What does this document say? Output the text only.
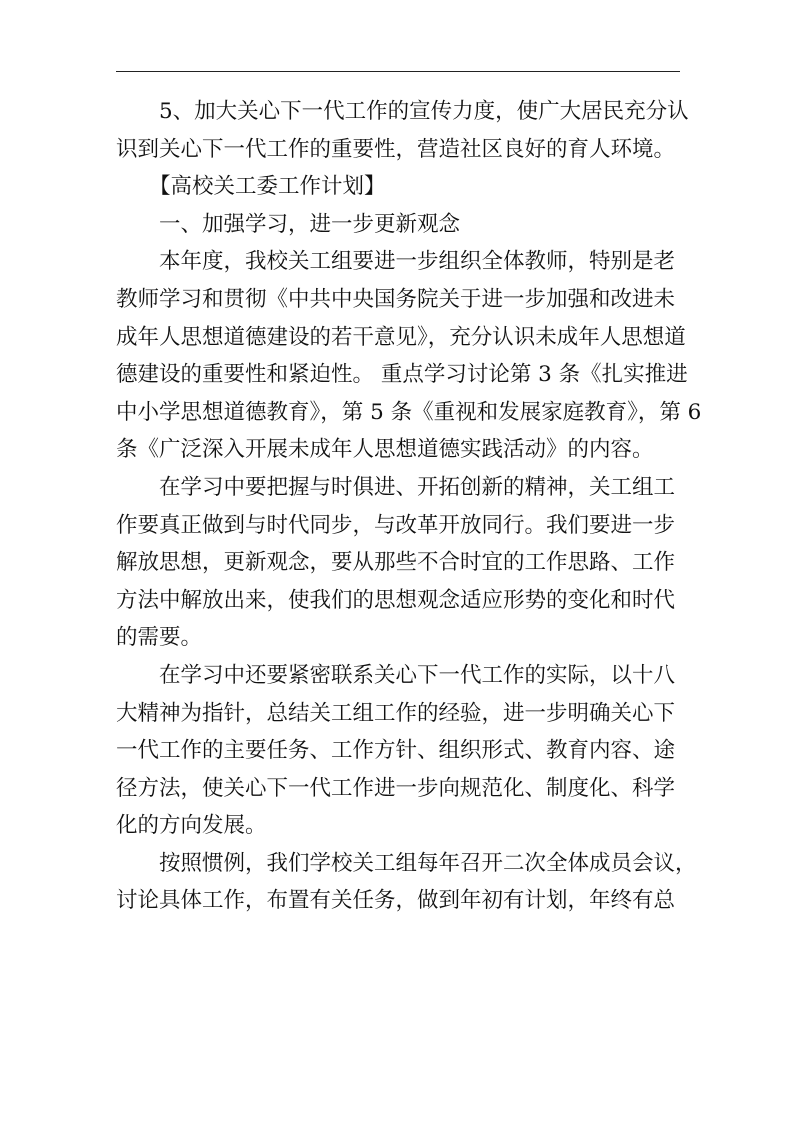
5、加大关心下一代工作的宣传力度，使广大居民充分认
识到关心下一代工作的重要性，营造社区良好的育人环境。
【高校关工委工作计划】
一、加强学习，进一步更新观念
本年度，我校关工组要进一步组织全体教师，特别是老
教师学习和贯彻《中共中央国务院关于进一步加强和改进未
成年人思想道德建设的若干意见》，充分认识未成年人思想道
德建设的重要性和紧迫性。 重点学习讨论第 3 条《扎实推进
中小学思想道德教育》，第 5 条《重视和发展家庭教育》，第 6
条《广泛深入开展未成年人思想道德实践活动》的内容。
在学习中要把握与时俱进、开拓创新的精神，关工组工
作要真正做到与时代同步，与改革开放同行。我们要进一步
解放思想，更新观念，要从那些不合时宜的工作思路、工作
方法中解放出来，使我们的思想观念适应形势的变化和时代
的需要。
在学习中还要紧密联系关心下一代工作的实际，以十八
大精神为指针，总结关工组工作的经验，进一步明确关心下
一代工作的主要任务、工作方针、组织形式、教育内容、途
径方法，使关心下一代工作进一步向规范化、制度化、科学
化的方向发展。
按照惯例，我们学校关工组每年召开二次全体成员会议，
讨论具体工作，布置有关任务，做到年初有计划，年终有总
